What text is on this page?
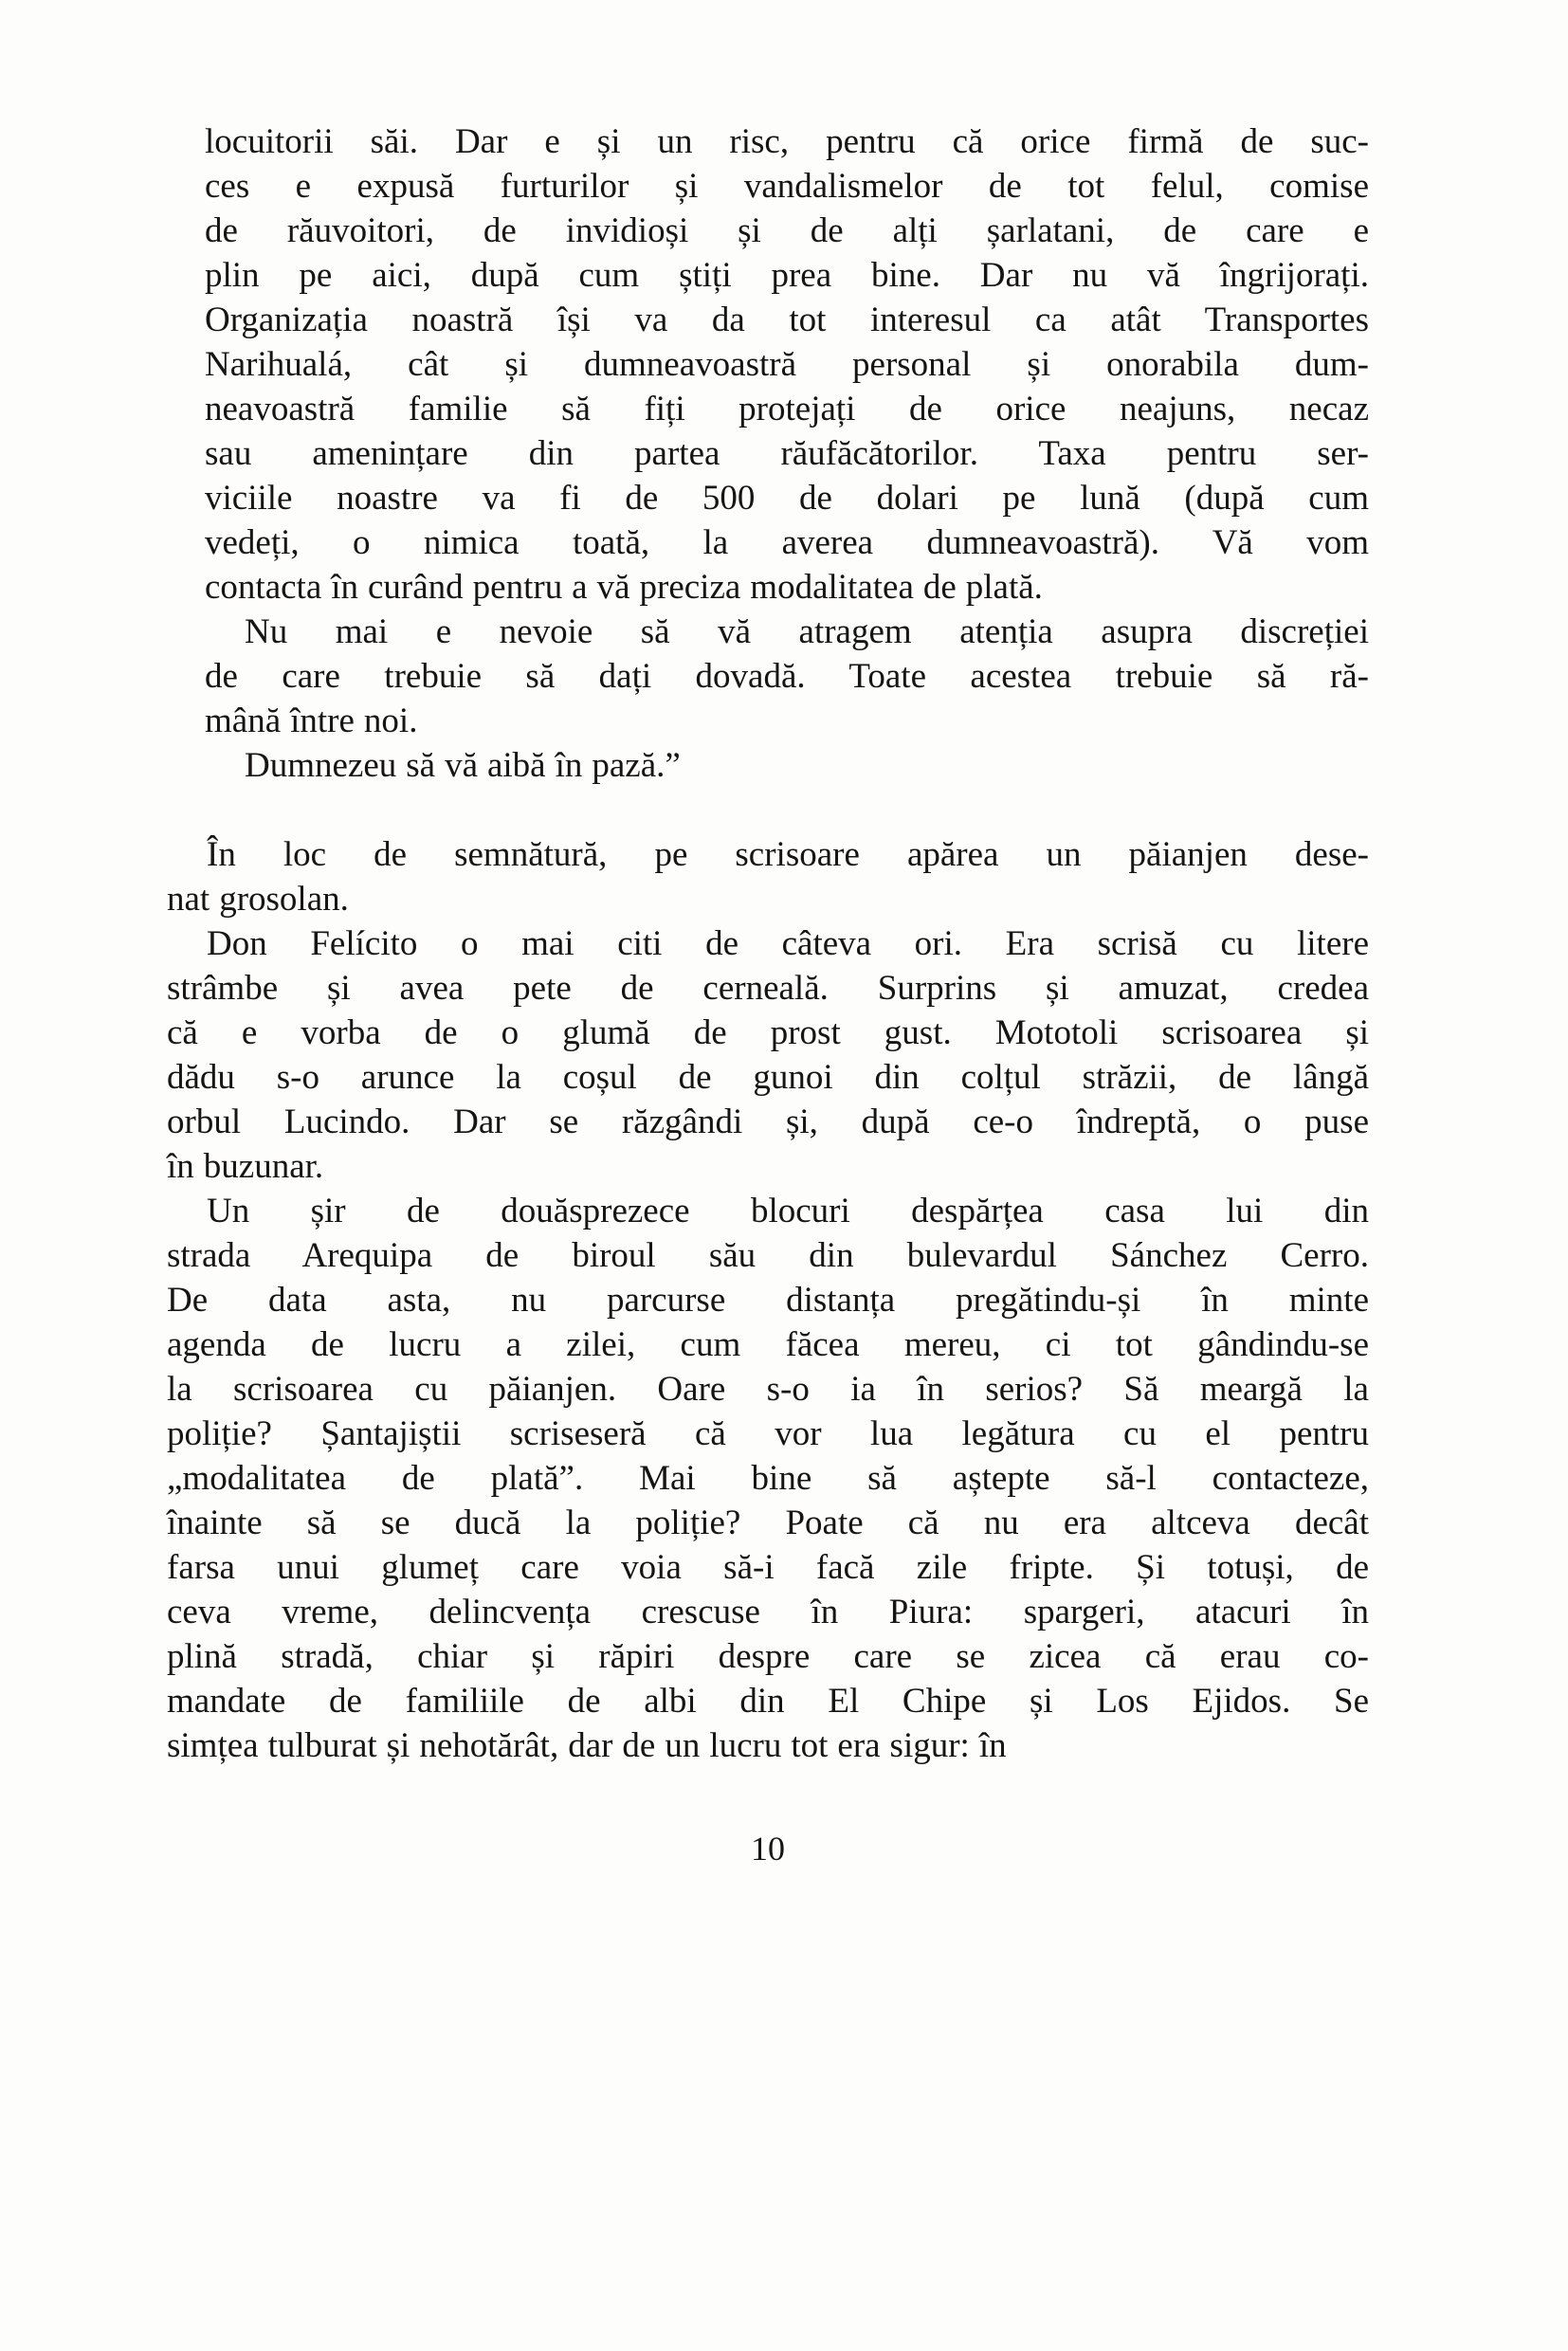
locuitorii săi. Dar e și un risc, pentru că orice firmă de suc-
ces e expusă furturilor și vandalismelor de tot felul, comise
de răuvoitori, de invidioși și de alți șarlatani, de care e
plin pe aici, după cum știți prea bine. Dar nu vă îngrijorați.
Organizația noastră își va da tot interesul ca atât Transportes
Narihualá, cât și dumneavoastră personal și onorabila dum-
neavoastră familie să fiți protejați de orice neajuns, necaz
sau amenințare din partea răufăcătorilor. Taxa pentru ser-
viciile noastre va fi de 500 de dolari pe lună (după cum
vedeți, o nimica toată, la averea dumneavoastră). Vă vom
contacta în curând pentru a vă preciza modalitatea de plată.
Nu mai e nevoie să vă atragem atenția asupra discreției
de care trebuie să dați dovadă. Toate acestea trebuie să ră-
mână între noi.
Dumnezeu să vă aibă în pază.”
În loc de semnătură, pe scrisoare apărea un păianjen dese-
nat grosolan.
Don Felícito o mai citi de câteva ori. Era scrisă cu litere
strâmbe și avea pete de cerneală. Surprins și amuzat, credea
că e vorba de o glumă de prost gust. Mototoli scrisoarea și
dădu s-o arunce la coșul de gunoi din colțul străzii, de lângă
orbul Lucindo. Dar se răzgândi și, după ce-o îndreptă, o puse
în buzunar.
Un șir de douăsprezece blocuri despărțea casa lui din
strada Arequipa de biroul său din bulevardul Sánchez Cerro.
De data asta, nu parcurse distanța pregătindu-și în minte
agenda de lucru a zilei, cum făcea mereu, ci tot gândindu-se
la scrisoarea cu păianjen. Oare s-o ia în serios? Să meargă la
poliție? Șantajiștii scriseseră că vor lua legătura cu el pentru
„modalitatea de plată”. Mai bine să aștepte să-l contacteze,
înainte să se ducă la poliție? Poate că nu era altceva decât
farsa unui glumeț care voia să-i facă zile fripte. Și totuși, de
ceva vreme, delincvența crescuse în Piura: spargeri, atacuri în
plină stradă, chiar și răpiri despre care se zicea că erau co-
mandate de familiile de albi din El Chipe și Los Ejidos. Se
simțea tulburat și nehotărât, dar de un lucru tot era sigur: în
10
